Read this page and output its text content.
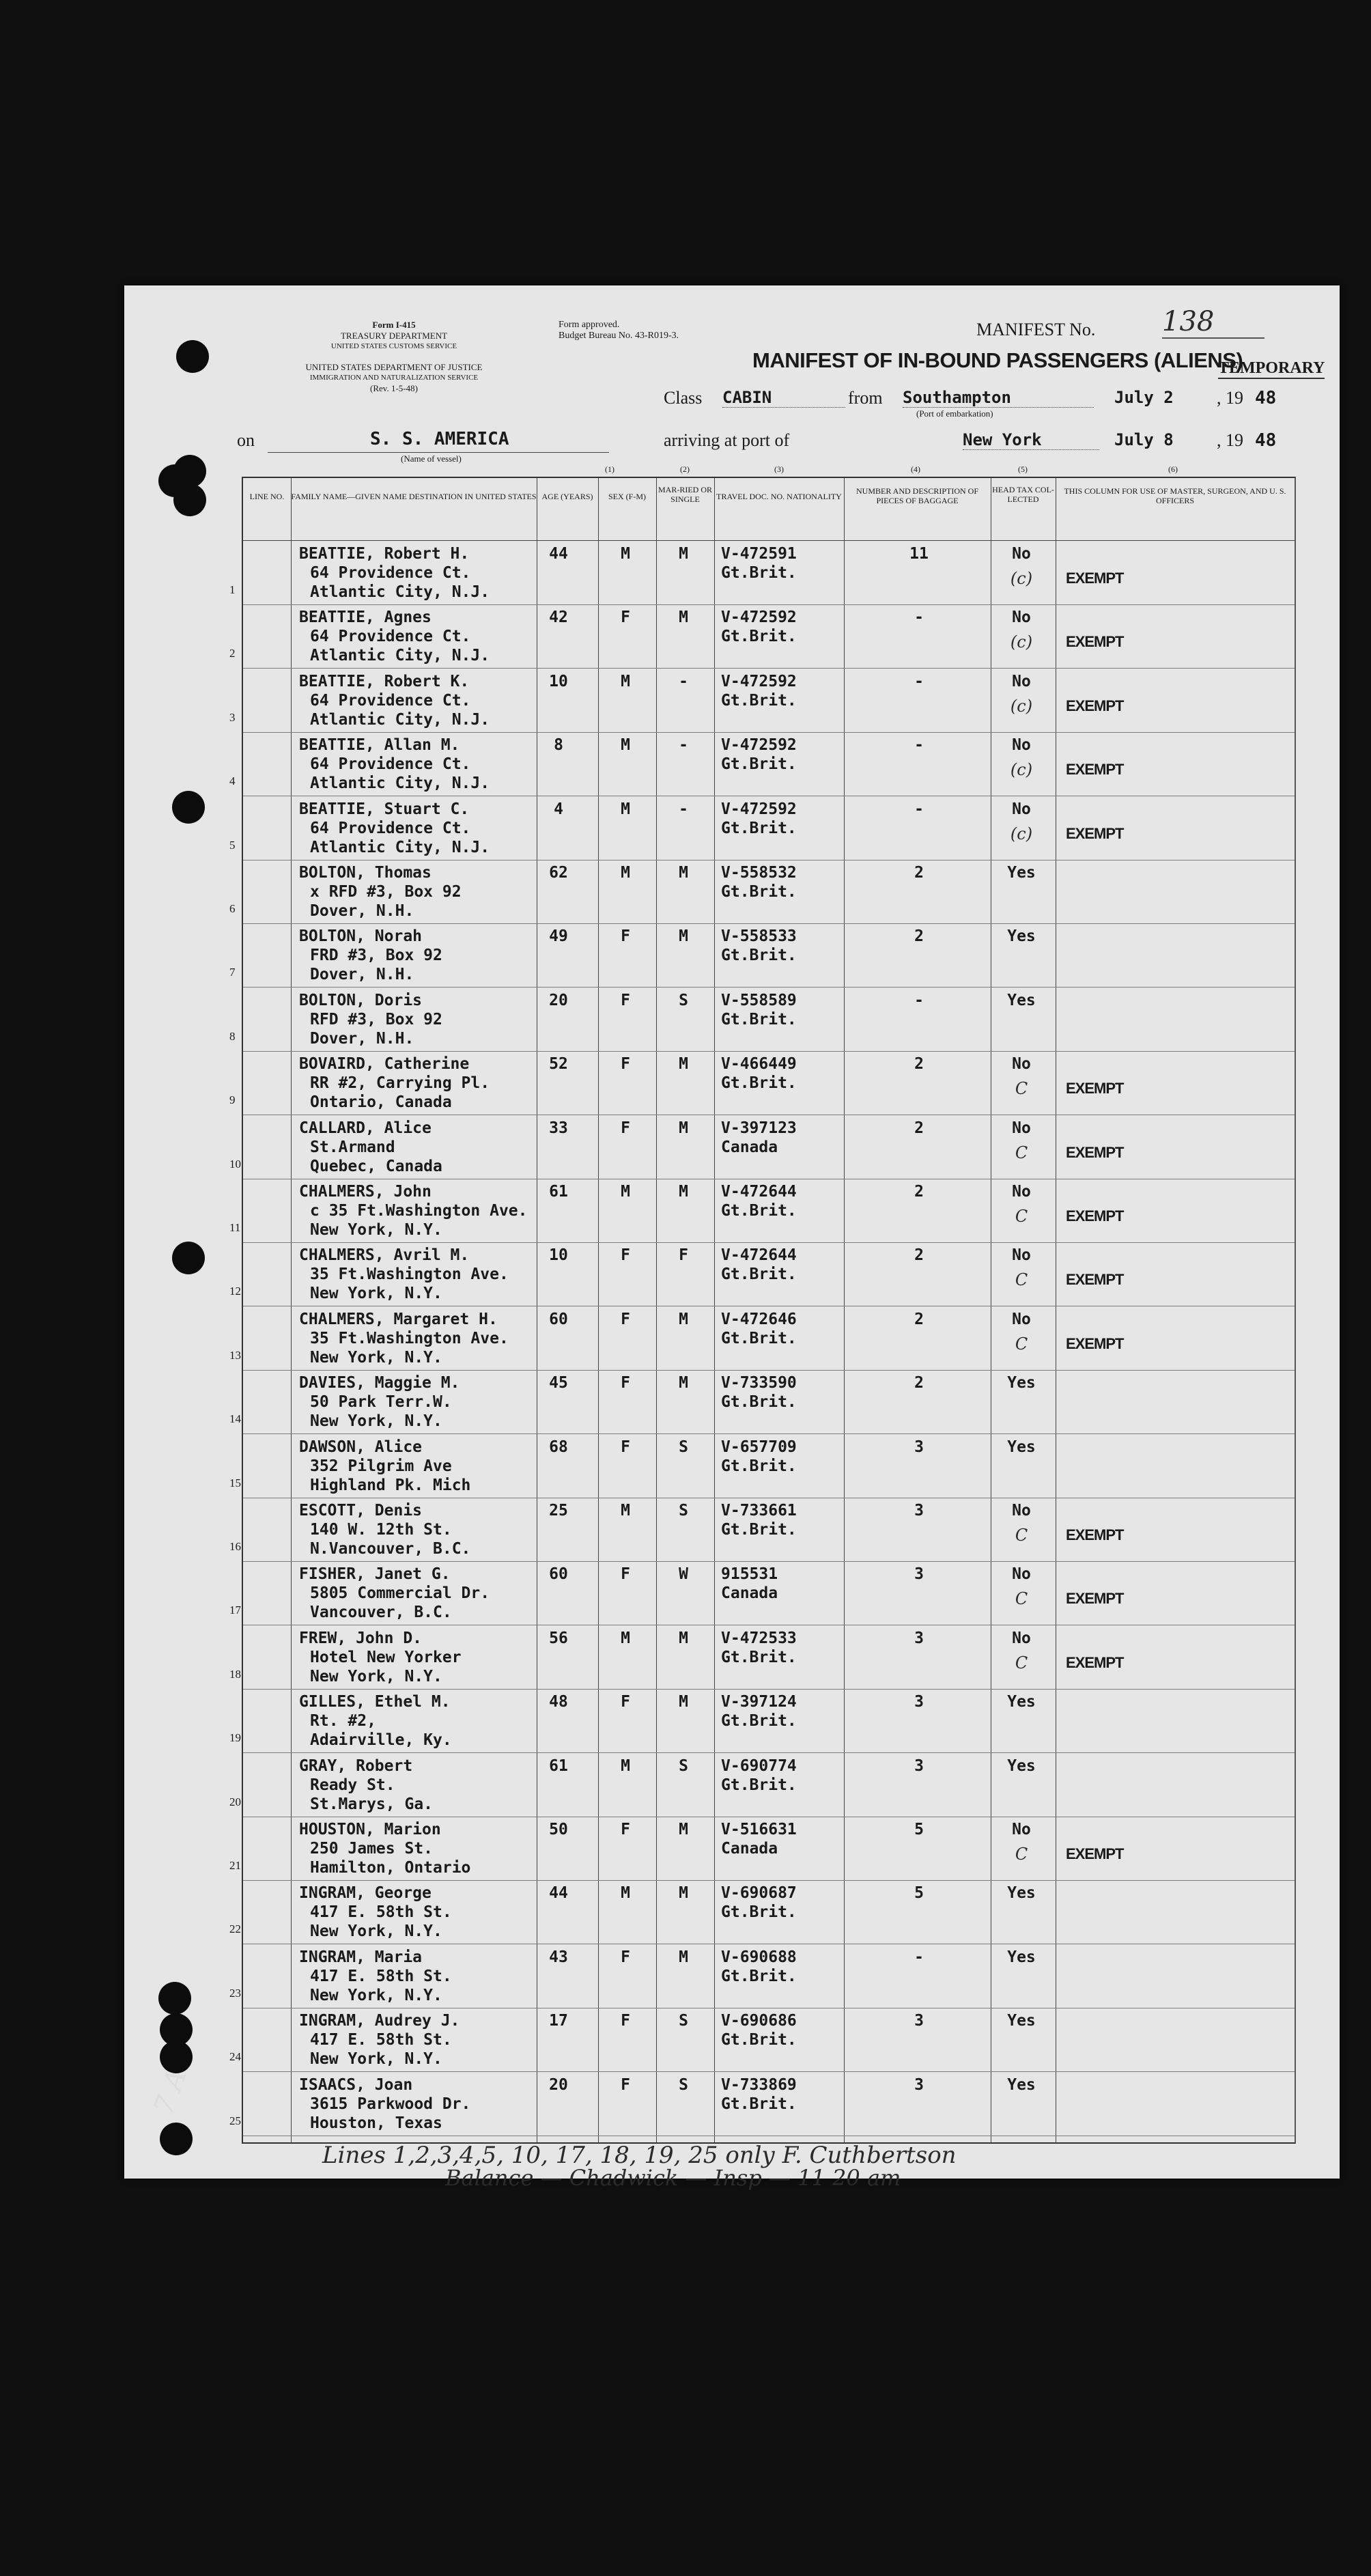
Form I-415
TREASURY DEPARTMENT
UNITED STATES CUSTOMS SERVICE
UNITED STATES DEPARTMENT OF JUSTICE
IMMIGRATION AND NATURALIZATION SERVICE
(Rev. 1-5-48)
Form approved.
Budget Bureau No. 43-R019-3.	MANIFEST No. 138
MANIFEST OF IN-BOUND PASSENGERS (ALIENS)
TEMPORARY
Class CABIN	from Southampton
(Port of embarkation)
July 2 , 19 48
on	S. S. AMERICA
(Name of vessel)
arriving at port of	New York	July 8 , 19 48
LINE NO. FAMILY NAME—GIVEN NAME DESTINATION IN UNITED STATES AGE (YEARS)	SEX (F-M)
MAR-RIED OR SINGLE	TRAVEL DOC. NO. NATIONALITY
NUMBER AND DESCRIPTION OF PIECES OF BAGGAGE
HEAD TAX COL-LECTED
THIS COLUMN FOR USE OF MASTER, SURGEON, AND U. S. OFFICERS
(1)	(2)	(3)	(4)	(5)	(6)
BEATTIE, Robert H.
64 Providence Ct.
Atlantic City, N.J.
44	M	M	V-472591
Gt.Brit.
11	No
(c)	EXEMPT
1
BEATTIE, Agnes
64 Providence Ct.
Atlantic City, N.J.
42	F	M	V-472592
Gt.Brit.
-	No
(c)	EXEMPT
2
BEATTIE, Robert K.
64 Providence Ct.
Atlantic City, N.J.
10	M	-	V-472592
Gt.Brit.
-	No
(c)	EXEMPT
3
BEATTIE, Allan M.
64 Providence Ct.
Atlantic City, N.J.
8	M	-	V-472592
Gt.Brit.
-	No
(c)	EXEMPT
4
BEATTIE, Stuart C.
64 Providence Ct.
Atlantic City, N.J.
4	M	-	V-472592
Gt.Brit.
-	No
(c)	EXEMPT
5
BOLTON, Thomas
x RFD #3, Box 92
Dover, N.H.
62	M	M	V-558532
Gt.Brit.
2	Yes
6
BOLTON, Norah
FRD #3, Box 92
Dover, N.H.
49	F	M	V-558533
Gt.Brit.
2	Yes
7
BOLTON, Doris
RFD #3, Box 92
Dover, N.H.
20	F	S	V-558589
Gt.Brit.
-	Yes
8
BOVAIRD, Catherine
RR #2, Carrying Pl.
Ontario, Canada
52	F	M	V-466449
Gt.Brit.
2	No
C	EXEMPT
9
CALLARD, Alice
St.Armand
Quebec, Canada
33	F	M	V-397123
Canada
2	No
C	EXEMPT
10
CHALMERS, John
c 35 Ft.Washington Ave.
New York, N.Y.
61	M	M	V-472644
Gt.Brit.
2	No
C	EXEMPT
11
CHALMERS, Avril M.
35 Ft.Washington Ave.
New York, N.Y.
10	F	F	V-472644
Gt.Brit.
2	No
C	EXEMPT
12
CHALMERS, Margaret H.
35 Ft.Washington Ave.
New York, N.Y.
60	F	M	V-472646
Gt.Brit.
2	No
C	EXEMPT
13
DAVIES, Maggie M.
50 Park Terr.W.
New York, N.Y.
45	F	M	V-733590
Gt.Brit.
2	Yes
14
DAWSON, Alice
352 Pilgrim Ave
Highland Pk. Mich
68	F	S	V-657709
Gt.Brit.
3	Yes
15
ESCOTT, Denis
140 W. 12th St.
N.Vancouver, B.C.
25	M	S	V-733661
Gt.Brit.
3	No
C	EXEMPT
16
FISHER, Janet G.
5805 Commercial Dr.
Vancouver, B.C.
60	F	W	915531
Canada
3	No
C	EXEMPT
17
FREW, John D.
Hotel New Yorker
New York, N.Y.
56	M	M	V-472533
Gt.Brit.
3	No
C	EXEMPT
18
GILLES, Ethel M.
Rt. #2,
Adairville, Ky.
48	F	M	V-397124
Gt.Brit.
3	Yes
19
GRAY, Robert
Ready St.
St.Marys, Ga.
61	M	S	V-690774
Gt.Brit.
3	Yes
20
HOUSTON, Marion
250 James St.
Hamilton, Ontario
50	F	M	V-516631
Canada
5	No
C	EXEMPT
21
INGRAM, George
417 E. 58th St.
New York, N.Y.
44	M	M	V-690687
Gt.Brit.
5	Yes
22
INGRAM, Maria
417 E. 58th St.
New York, N.Y.
43	F	M	V-690688
Gt.Brit.
-	Yes
23
INGRAM, Audrey J.
417 E. 58th St.
New York, N.Y.
17	F	S	V-690686
Gt.Brit.
3	Yes
24
ISAACS, Joan
3615 Parkwood Dr.
Houston, Texas
20	F	S	V-733869
Gt.Brit.
3	Yes
25
Lines 1,2,3,4,5, 10, 17, 18, 19, 25 only F. Cuthbertson
Balance — Chadwick — Insp — 11 20 am
7 A
